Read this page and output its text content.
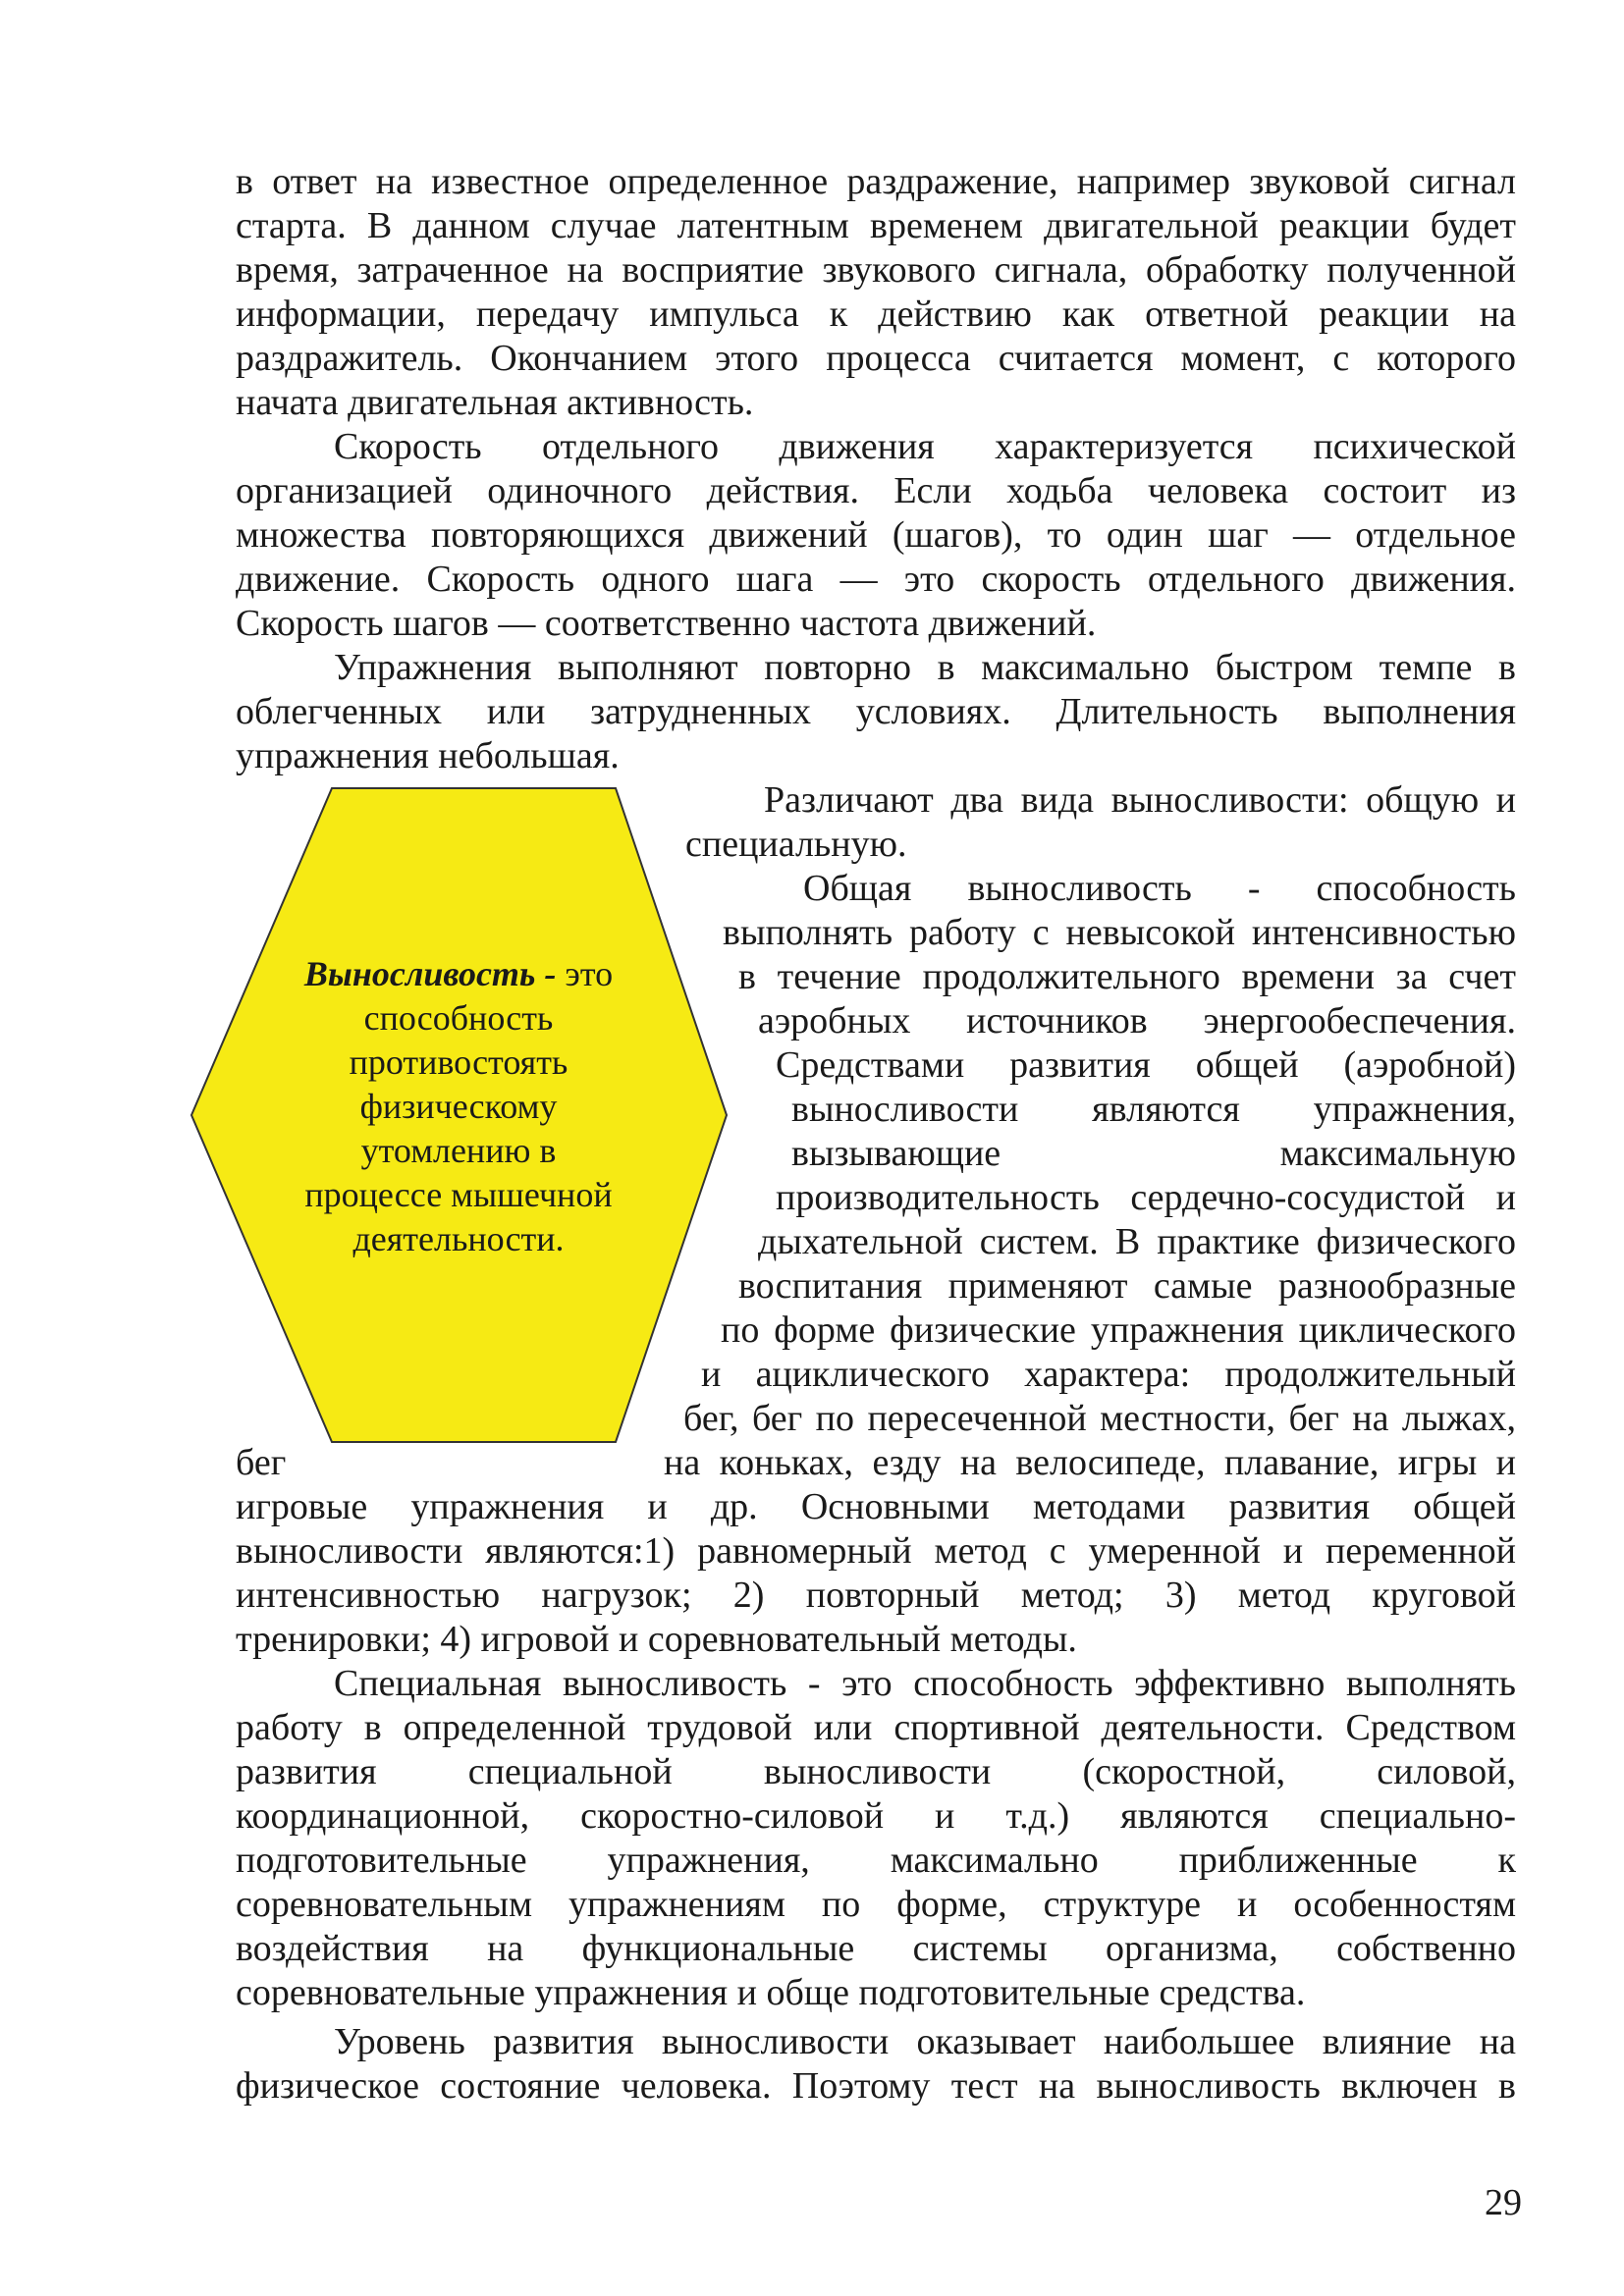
в ответ на известное определенное раздражение, например звуковой сигнал
старта. В данном случае латентным временем двигательной реакции будет
время, затраченное на восприятие звукового сигнала, обработку полученной
информации, передачу импульса к действию как ответной реакции на
раздражитель. Окончанием этого процесса считается момент, с которого
начата двигательная активность.
Скорость отдельного движения характеризуется психической
организацией одиночного действия. Если ходьба человека состоит из
множества повторяющихся движений (шагов), то один шаг — отдельное
движение. Скорость одного шага — это скорость отдельного движения.
Скорость шагов — соответственно частота движений.
Упражнения выполняют повторно в максимально быстром темпе в
облегченных или затрудненных условиях. Длительность выполнения
упражнения небольшая.
Различают два вида выносливости: общую и
специальную.
Общая выносливость - способность
выполнять работу с невысокой интенсивностью
в течение продолжительного времени за счет
аэробных источников энергообеспечения.
Средствами развития общей (аэробной)
выносливости являются упражнения,
вызывающие максимальную
производительность сердечно-сосудистой и
дыхательной систем. В практике физического
воспитания применяют самые разнообразные
по форме физические упражнения циклического
и ациклического характера: продолжительный
бег, бег по пересеченной местности, бег на лыжах,
бег	на коньках, езду на велосипеде, плавание, игры и
игровые упражнения и др. Основными методами развития общей
выносливости являются:1) равномерный метод с умеренной и переменной
интенсивностью нагрузок; 2) повторный метод; 3) метод круговой
тренировки; 4) игровой и соревновательный методы.
Специальная выносливость - это способность эффективно выполнять
работу в определенной трудовой или спортивной деятельности. Средством
развития специальной выносливости (скоростной, силовой,
координационной, скоростно-силовой и т.д.) являются специально-
подготовительные упражнения, максимально приближенные к
соревновательным упражнениям по форме, структуре и особенностям
воздействия на функциональные системы организма, собственно
соревновательные упражнения и обще подготовительные средства.
Уровень развития выносливости оказывает наибольшее влияние на
физическое состояние человека. Поэтому тест на выносливость включен в
Выносливость - это
способность
противостоять
физическому
утомлению в
процессе мышечной
деятельности.
29
